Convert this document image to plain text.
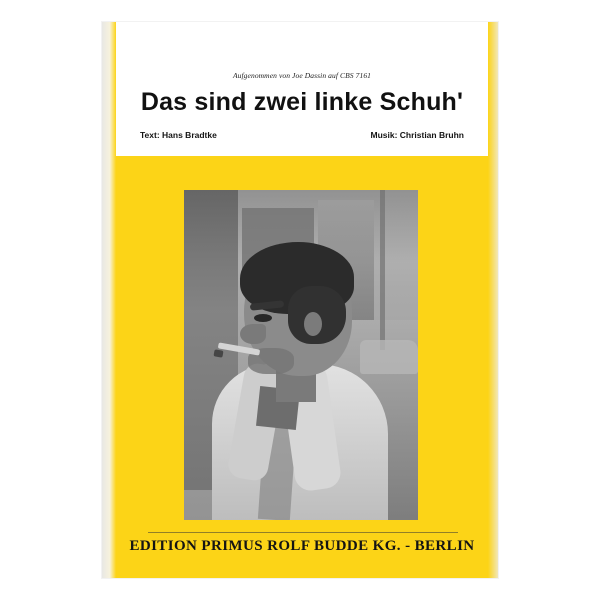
Aufgenommen von Joe Dassin auf CBS 7161
Das sind zwei linke Schuh'
Text: Hans Bradtke	Musik: Christian Bruhn
EDITION PRIMUS ROLF BUDDE KG. - BERLIN
